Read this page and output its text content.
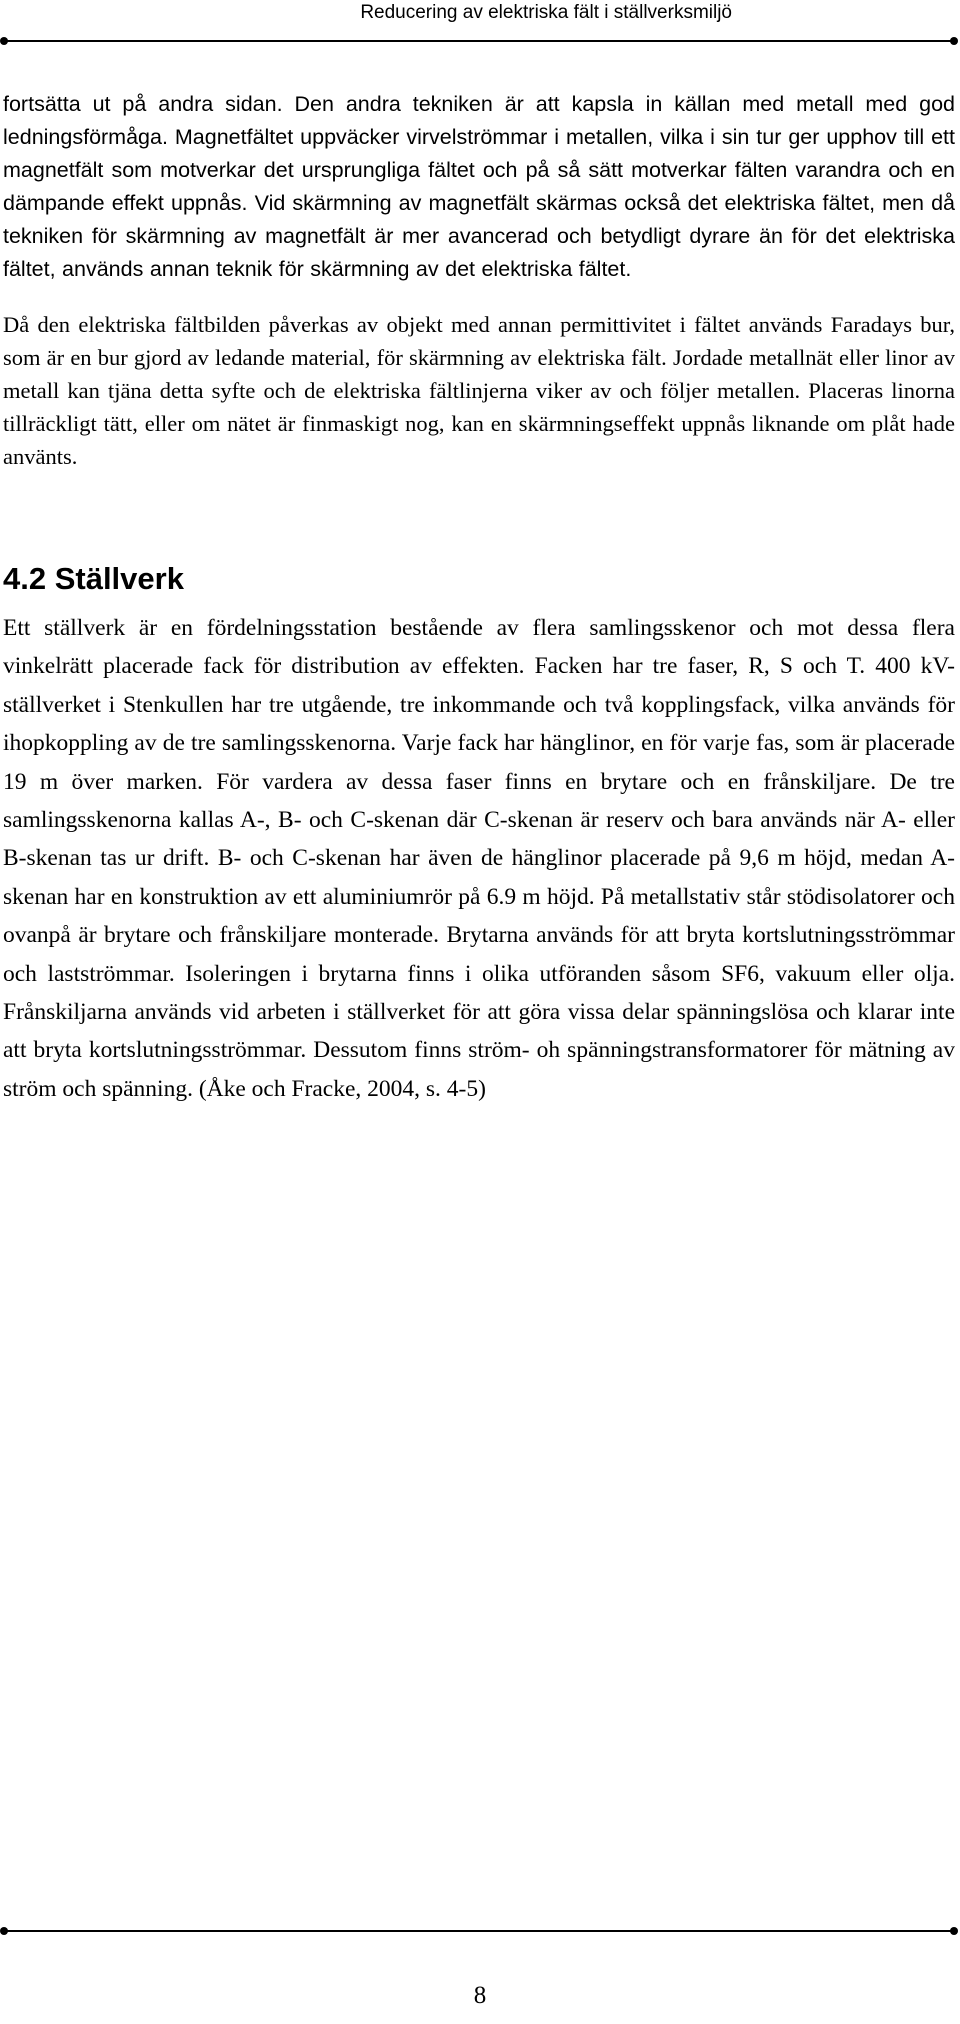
Reducering av elektriska fält i ställverksmiljö

fortsätta ut på andra sidan. Den andra tekniken är att kapsla in källan med metall med god ledningsförmåga. Magnetfältet uppväcker virvelströmmar i metallen, vilka i sin tur ger upphov till ett magnetfält som motverkar det ursprungliga fältet och på så sätt motverkar fälten varandra och en dämpande effekt uppnås. Vid skärmning av magnetfält skärmas också det elektriska fältet, men då tekniken för skärmning av magnetfält är mer avancerad och betydligt dyrare än för det elektriska fältet, används annan teknik för skärmning av det elektriska fältet.

Då den elektriska fältbilden påverkas av objekt med annan permittivitet i fältet används Faradays bur, som är en bur gjord av ledande material, för skärmning av elektriska fält. Jordade metallnät eller linor av metall kan tjäna detta syfte och de elektriska fältlinjerna viker av och följer metallen. Placeras linorna tillräckligt tätt, eller om nätet är finmaskigt nog, kan en skärmningseffekt uppnås liknande om plåt hade använts.

4.2 Ställverk

Ett ställverk är en fördelningsstation bestående av flera samlingsskenor och mot dessa flera vinkelrätt placerade fack för distribution av effekten. Facken har tre faser, R, S och T. 400 kV-ställverket i Stenkullen har tre utgående, tre inkommande och två kopplingsfack, vilka används för ihopkoppling av de tre samlingsskenorna. Varje fack har hänglinor, en för varje fas, som är placerade 19 m över marken. För vardera av dessa faser finns en brytare och en frånskiljare. De tre samlingsskenorna kallas A-, B- och C-skenan där C-skenan är reserv och bara används när A- eller B-skenan tas ur drift. B- och C-skenan har även de hänglinor placerade på 9,6 m höjd, medan A-skenan har en konstruktion av ett aluminiumrör på 6.9 m höjd. På metallstativ står stödisolatorer och ovanpå är brytare och frånskiljare monterade. Brytarna används för att bryta kortslutningsströmmar och lastströmmar. Isoleringen i brytarna finns i olika utföranden såsom SF6, vakuum eller olja. Frånskiljarna används vid arbeten i ställverket för att göra vissa delar spänningslösa och klarar inte att bryta kortslutningsströmmar. Dessutom finns ström- oh spänningstransformatorer för mätning av ström och spänning. (Åke och Fracke, 2004, s. 4-5)

8
